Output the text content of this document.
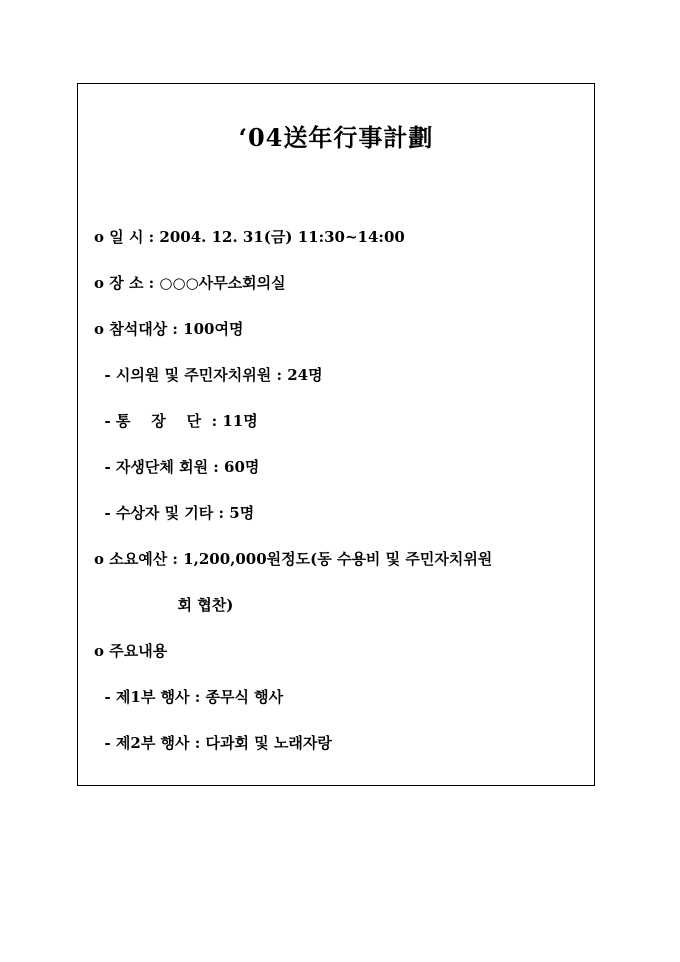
‘04送年行事計劃
o 일 시 : 2004. 12. 31(금) 11:30~14:00
o 장 소 : ○○○사무소회의실
o 참석대상 : 100여명
- 시의원 및 주민자치위원 : 24명
- 통    장    단  : 11명
- 자생단체 회원 : 60명
- 수상자 및 기타 : 5명
o 소요예산 : 1,200,000원정도(동 수용비 및 주민자치위원
회 협찬)
o 주요내용
- 제1부 행사 : 종무식 행사
- 제2부 행사 : 다과회 및 노래자랑
